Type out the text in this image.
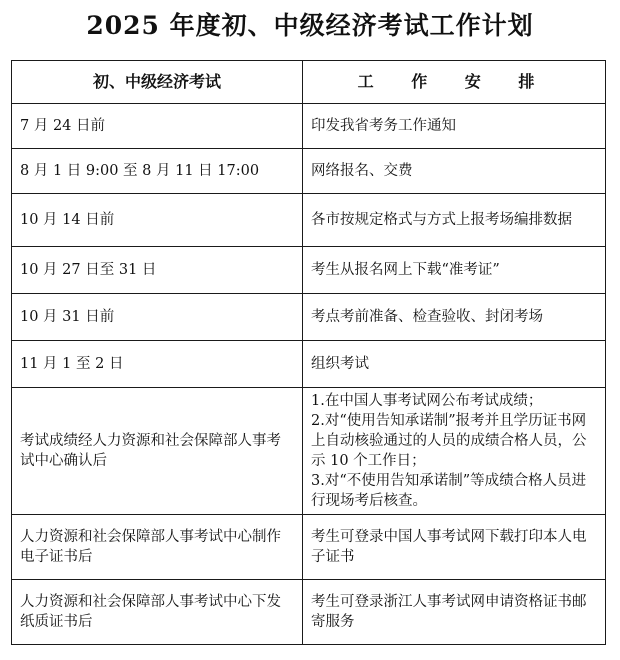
2025 年度初、中级经济考试工作计划
初、中级经济考试	工 作 安 排
7 月 24 日前	印发我省考务工作通知
8 月 1 日 9:00 至 8 月 11 日 17:00	网络报名、交费
10 月 14 日前	各市按规定格式与方式上报考场编排数据
10 月 27 日至 31 日	考生从报名网上下载“准考证”
10 月 31 日前	考点考前准备、检查验收、封闭考场
11 月 1 至 2 日	组织考试
考试成绩经人力资源和社会保障部人事考试中心确认后	1.在中国人事考试网公布考试成绩；
2.对“使用告知承诺制”报考并且学历证书网上自动核验通过的人员的成绩合格人员，公示 10 个工作日；
3.对“不使用告知承诺制”等成绩合格人员进行现场考后核查。

人力资源和社会保障部人事考试中心制作电子证书后	考生可登录中国人事考试网下载打印本人电子证书
人力资源和社会保障部人事考试中心下发纸质证书后	考生可登录浙江人事考试网申请资格证书邮寄服务
